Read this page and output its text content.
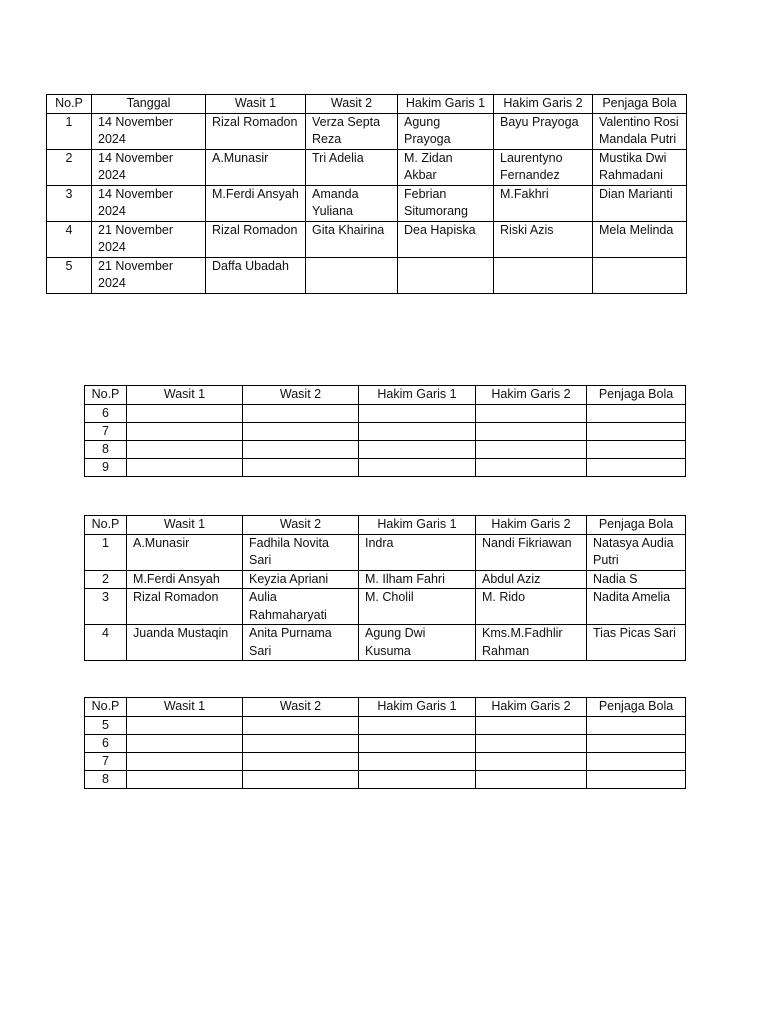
No.P	Tanggal	Wasit 1	Wasit 2	Hakim Garis 1	Hakim Garis 2	Penjaga Bola
1	14 November 2024	Rizal Romadon	Verza Septa Reza	Agung Prayoga	Bayu Prayoga	Valentino Rosi Mandala Putri
2	14 November 2024	A.Munasir	Tri Adelia	M. Zidan Akbar	Laurentyno Fernandez	Mustika Dwi Rahmadani
3	14 November 2024	M.Ferdi Ansyah	Amanda Yuliana	Febrian Situmorang	M.Fakhri	Dian Marianti
4	21 November 2024	Rizal Romadon	Gita Khairina	Dea Hapiska	Riski Azis	Mela Melinda
5	21 November 2024	Daffa Ubadah				
No.P	Wasit 1	Wasit 2	Hakim Garis 1	Hakim Garis 2	Penjaga Bola
6					
7					
8					
9					
No.P	Wasit 1	Wasit 2	Hakim Garis 1	Hakim Garis 2	Penjaga Bola
1	A.Munasir	Fadhila Novita Sari	Indra	Nandi Fikriawan	Natasya Audia Putri
2	M.Ferdi Ansyah	Keyzia Apriani	M. Ilham Fahri	Abdul Aziz	Nadia S
3	Rizal Romadon	Aulia Rahmaharyati	M. Cholil	M. Rido	Nadita Amelia
4	Juanda Mustaqin	Anita Purnama Sari	Agung Dwi Kusuma	Kms.M.Fadhlir Rahman	Tias Picas Sari
No.P	Wasit 1	Wasit 2	Hakim Garis 1	Hakim Garis 2	Penjaga Bola
5					
6					
7					
8					
